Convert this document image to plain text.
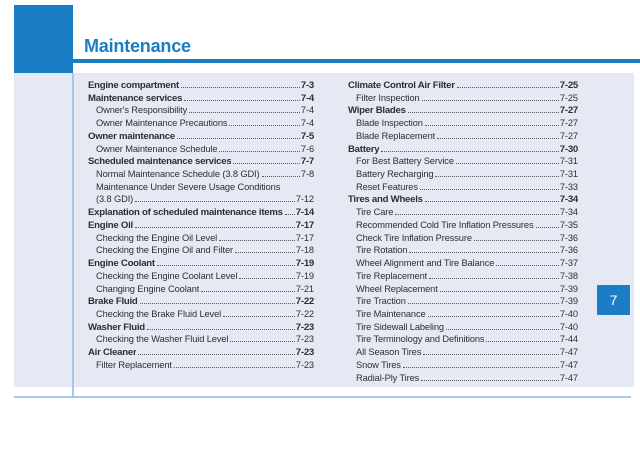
Maintenance
7
Engine compartment	7-3
Maintenance services	7-4
Owner's Responsibility	7-4
Owner Maintenance Precautions	7-4
Owner maintenance	7-5
Owner Maintenance Schedule	7-6
Scheduled maintenance services	7-7
Normal Maintenance Schedule (3.8 GDI)	7-8
Maintenance Under Severe Usage Conditions
(3.8 GDI)	7-12
Explanation of scheduled maintenance items 7-14
Engine Oil	7-17
Checking the Engine Oil Level	7-17
Checking the Engine Oil and Filter	7-18
Engine Coolant	7-19
Checking the Engine Coolant Level	7-19
Changing Engine Coolant	7-21
Brake Fluid	7-22
Checking the Brake Fluid Level	7-22
Washer Fluid	7-23
Checking the Washer Fluid Level	7-23
Air Cleaner	7-23
Filter Replacement	7-23
Climate Control Air Filter	7-25
Filter Inspection	7-25
Wiper Blades	7-27
Blade Inspection	7-27
Blade Replacement	7-27
Battery	7-30
For Best Battery Service	7-31
Battery Recharging	7-31
Reset Features	7-33
Tires and Wheels	7-34
Tire Care	7-34
Recommended Cold Tire Inflation Pressures	7-35
Check Tire Inflation Pressure	7-36
Tire Rotation	7-36
Wheel Alignment and Tire Balance	7-37
Tire Replacement	7-38
Wheel Replacement	7-39
Tire Traction	7-39
Tire Maintenance	7-40
Tire Sidewall Labeling	7-40
Tire Terminology and Definitions	7-44
All Season Tires	7-47
Snow Tires	7-47
Radial-Ply Tires	7-47
